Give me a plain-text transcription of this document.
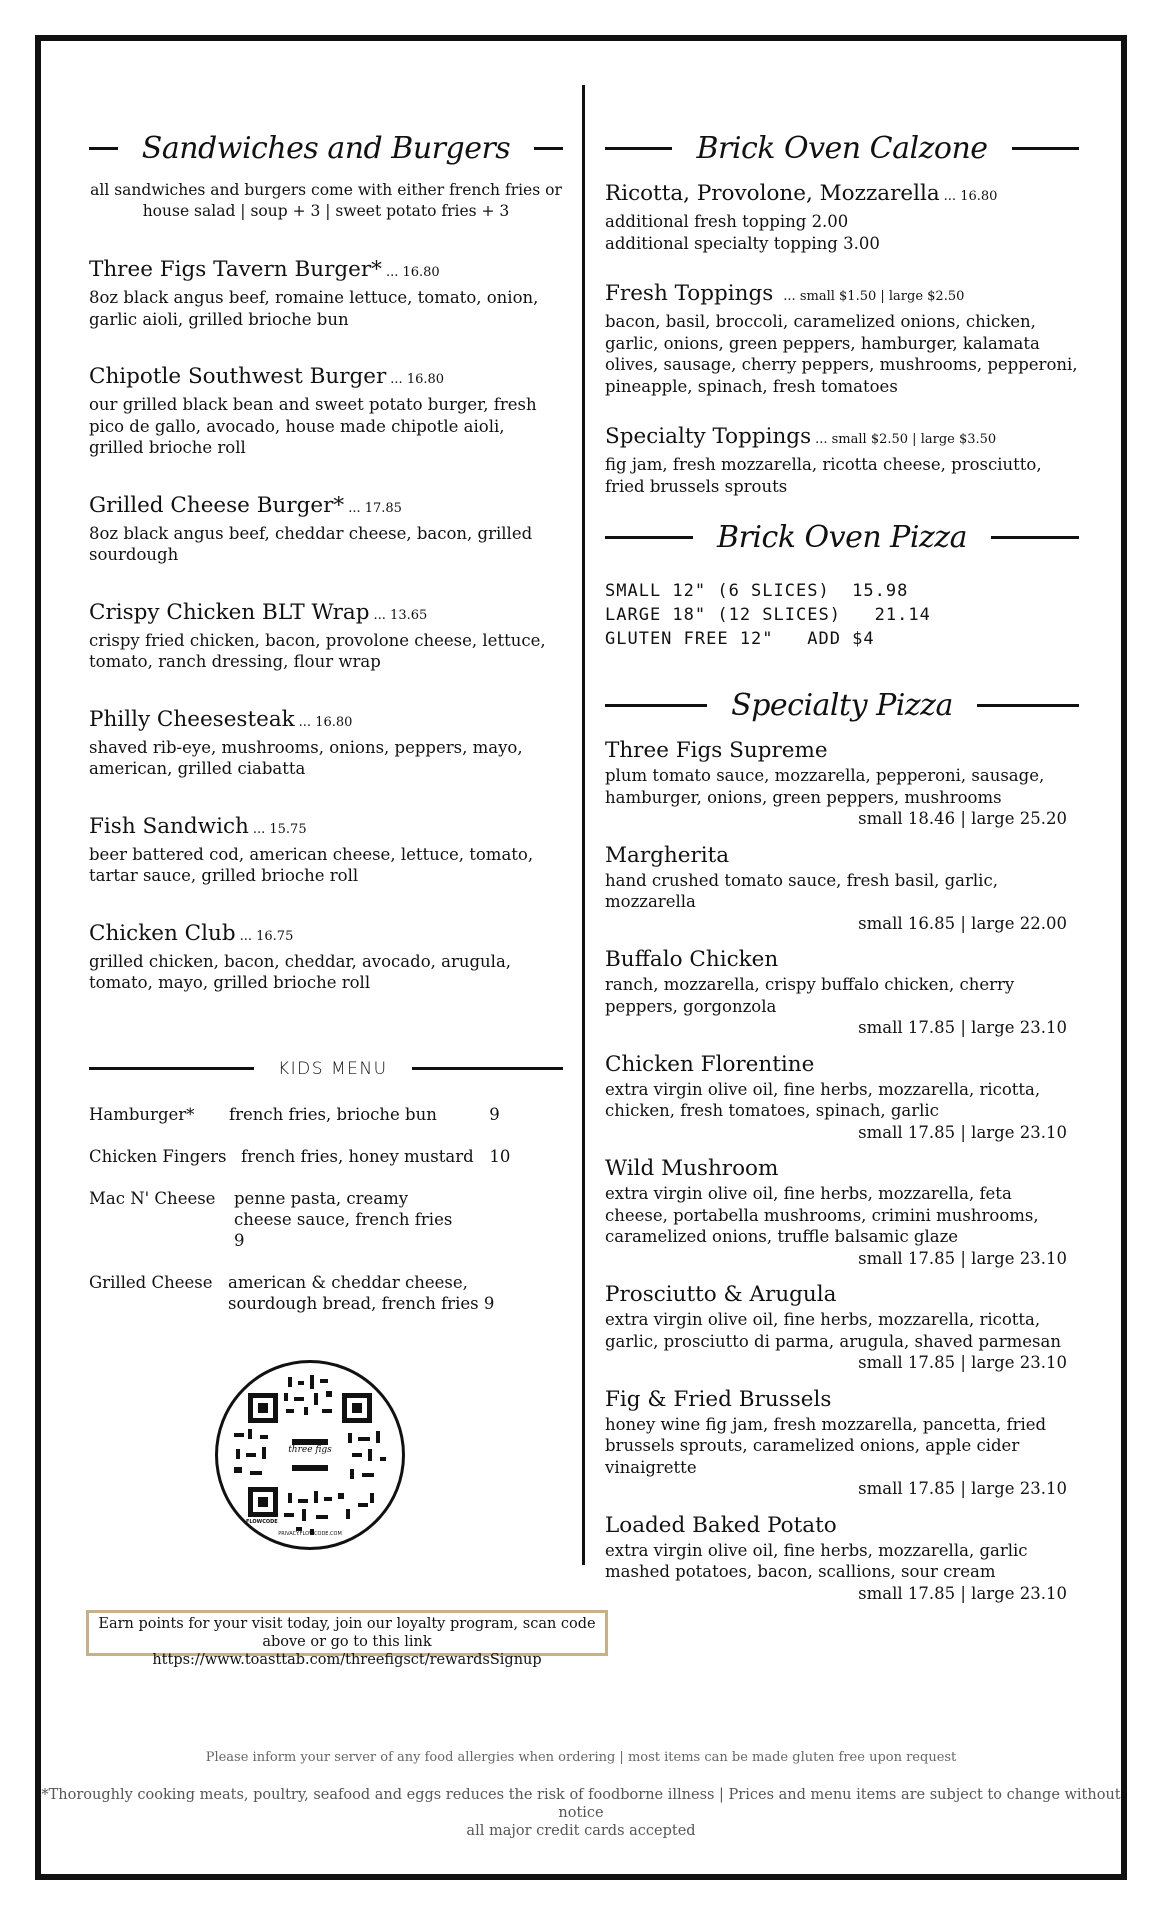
Sandwiches and Burgers
all sandwiches and burgers come with either french fries or house salad | soup + 3 | sweet potato fries + 3
Three Figs Tavern Burger* ... 16.80
8oz black angus beef, romaine lettuce, tomato, onion, garlic aioli, grilled brioche bun
Chipotle Southwest Burger ... 16.80
our grilled black bean and sweet potato burger, fresh pico de gallo, avocado, house made chipotle aioli, grilled brioche roll
Grilled Cheese Burger* ... 17.85
8oz black angus beef, cheddar cheese, bacon, grilled sourdough
Crispy Chicken BLT Wrap ... 13.65
crispy fried chicken, bacon, provolone cheese, lettuce, tomato, ranch dressing, flour wrap
Philly Cheesesteak ... 16.80
shaved rib-eye, mushrooms, onions, peppers, mayo, american, grilled ciabatta
Fish Sandwich ... 15.75
beer battered cod, american cheese, lettuce, tomato, tartar sauce, grilled brioche roll
Chicken Club ... 16.75
grilled chicken, bacon, cheddar, avocado, arugula, tomato, mayo, grilled brioche roll
KIDS MENU
Hamburger*	french fries, brioche bun          9
Chicken Fingers french fries, honey mustard   10
Mac N' Cheese	penne pasta, creamy cheese sauce, french fries 9
Grilled Cheese american & cheddar cheese, sourdough bread, french fries 9
three figs
FLOWCODE
PRIVACY.FLOWCODE.COM
Earn points for your visit today, join our loyalty program, scan code above or go to this link https://www.toasttab.com/threefigsct/rewardsSignup
Brick Oven Calzone
Ricotta, Provolone, Mozzarella ... 16.80
additional fresh topping 2.00
additional specialty topping 3.00
Fresh Toppings ... small $1.50 | large $2.50
bacon, basil, broccoli, caramelized onions, chicken, garlic, onions, green peppers, hamburger, kalamata olives, sausage, cherry peppers, mushrooms, pepperoni, pineapple, spinach, fresh tomatoes
Specialty Toppings ... small $2.50 | large $3.50
fig jam, fresh mozzarella, ricotta cheese, prosciutto, fried brussels sprouts
Brick Oven Pizza
SMALL 12" (6 SLICES)  15.98
LARGE 18" (12 SLICES)   21.14
GLUTEN FREE 12"   ADD $4
Specialty Pizza
Three Figs Supreme
plum tomato sauce, mozzarella, pepperoni, sausage, hamburger, onions, green peppers, mushrooms
small 18.46 | large 25.20
Margherita
hand crushed tomato sauce, fresh basil, garlic, mozzarella
small 16.85 | large 22.00
Buffalo Chicken
ranch, mozzarella, crispy buffalo chicken, cherry peppers, gorgonzola
small 17.85 | large 23.10
Chicken Florentine
extra virgin olive oil, fine herbs, mozzarella, ricotta, chicken, fresh tomatoes, spinach, garlic
small 17.85 | large 23.10
Wild Mushroom
extra virgin olive oil, fine herbs, mozzarella, feta cheese, portabella mushrooms, crimini mushrooms, caramelized onions, truffle balsamic glaze
small 17.85 | large 23.10
Prosciutto & Arugula
extra virgin olive oil, fine herbs, mozzarella, ricotta, garlic, prosciutto di parma, arugula, shaved parmesan
small 17.85 | large 23.10
Fig & Fried Brussels
honey wine fig jam, fresh mozzarella, pancetta, fried brussels sprouts, caramelized onions, apple cider vinaigrette
small 17.85 | large 23.10
Loaded Baked Potato
extra virgin olive oil, fine herbs, mozzarella, garlic mashed potatoes, bacon, scallions, sour cream
small 17.85 | large 23.10
Please inform your server of any food allergies when ordering | most items can be made gluten free upon request
*Thoroughly cooking meats, poultry, seafood and eggs reduces the risk of foodborne illness | Prices and menu items are subject to change without notice
all major credit cards accepted
